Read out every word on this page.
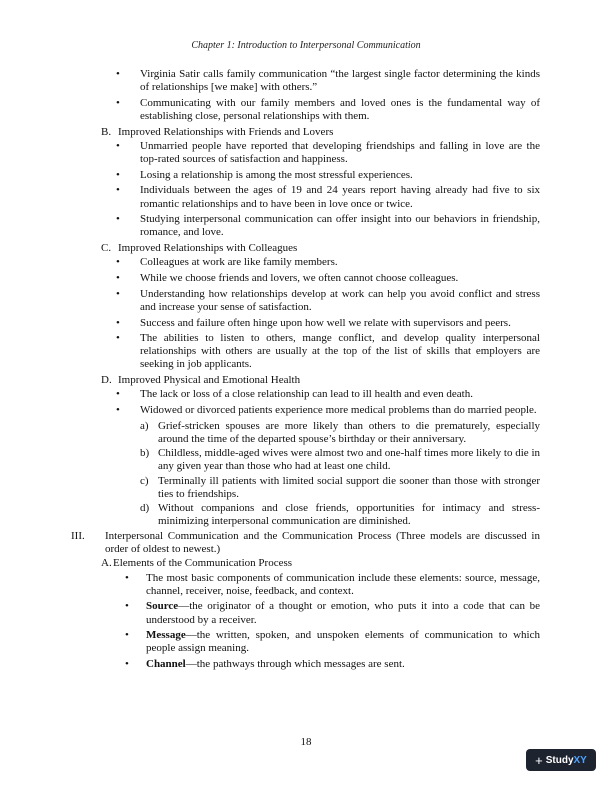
Chapter 1: Introduction to Interpersonal Communication
• Virginia Satir calls family communication “the largest single factor determining the kinds of relationships [we make] with others.”
• Communicating with our family members and loved ones is the fundamental way of establishing close, personal relationships with them.
B. Improved Relationships with Friends and Lovers
• Unmarried people have reported that developing friendships and falling in love are the top-rated sources of satisfaction and happiness.
• Losing a relationship is among the most stressful experiences.
• Individuals between the ages of 19 and 24 years report having already had five to six romantic relationships and to have been in love once or twice.
• Studying interpersonal communication can offer insight into our behaviors in friendship, romance, and love.
C. Improved Relationships with Colleagues
• Colleagues at work are like family members.
• While we choose friends and lovers, we often cannot choose colleagues.
• Understanding how relationships develop at work can help you avoid conflict and stress and increase your sense of satisfaction.
• Success and failure often hinge upon how well we relate with supervisors and peers.
• The abilities to listen to others, mange conflict, and develop quality interpersonal relationships with others are usually at the top of the list of skills that employers are seeking in job applicants.
D. Improved Physical and Emotional Health
• The lack or loss of a close relationship can lead to ill health and even death.
• Widowed or divorced patients experience more medical problems than do married people.
a) Grief-stricken spouses are more likely than others to die prematurely, especially around the time of the departed spouse’s birthday or their anniversary.
b) Childless, middle-aged wives were almost two and one-half times more likely to die in any given year than those who had at least one child.
c) Terminally ill patients with limited social support die sooner than those with stronger ties to friendships.
d) Without companions and close friends, opportunities for intimacy and stress-minimizing interpersonal communication are diminished.
III. Interpersonal Communication and the Communication Process (Three models are discussed in order of oldest to newest.)
A. Elements of the Communication Process
• The most basic components of communication include these elements: source, message, channel, receiver, noise, feedback, and context.
• Source—the originator of a thought or emotion, who puts it into a code that can be understood by a receiver.
• Message—the written, spoken, and unspoken elements of communication to which people assign meaning.
• Channel—the pathways through which messages are sent.
18
+ StudyXY
